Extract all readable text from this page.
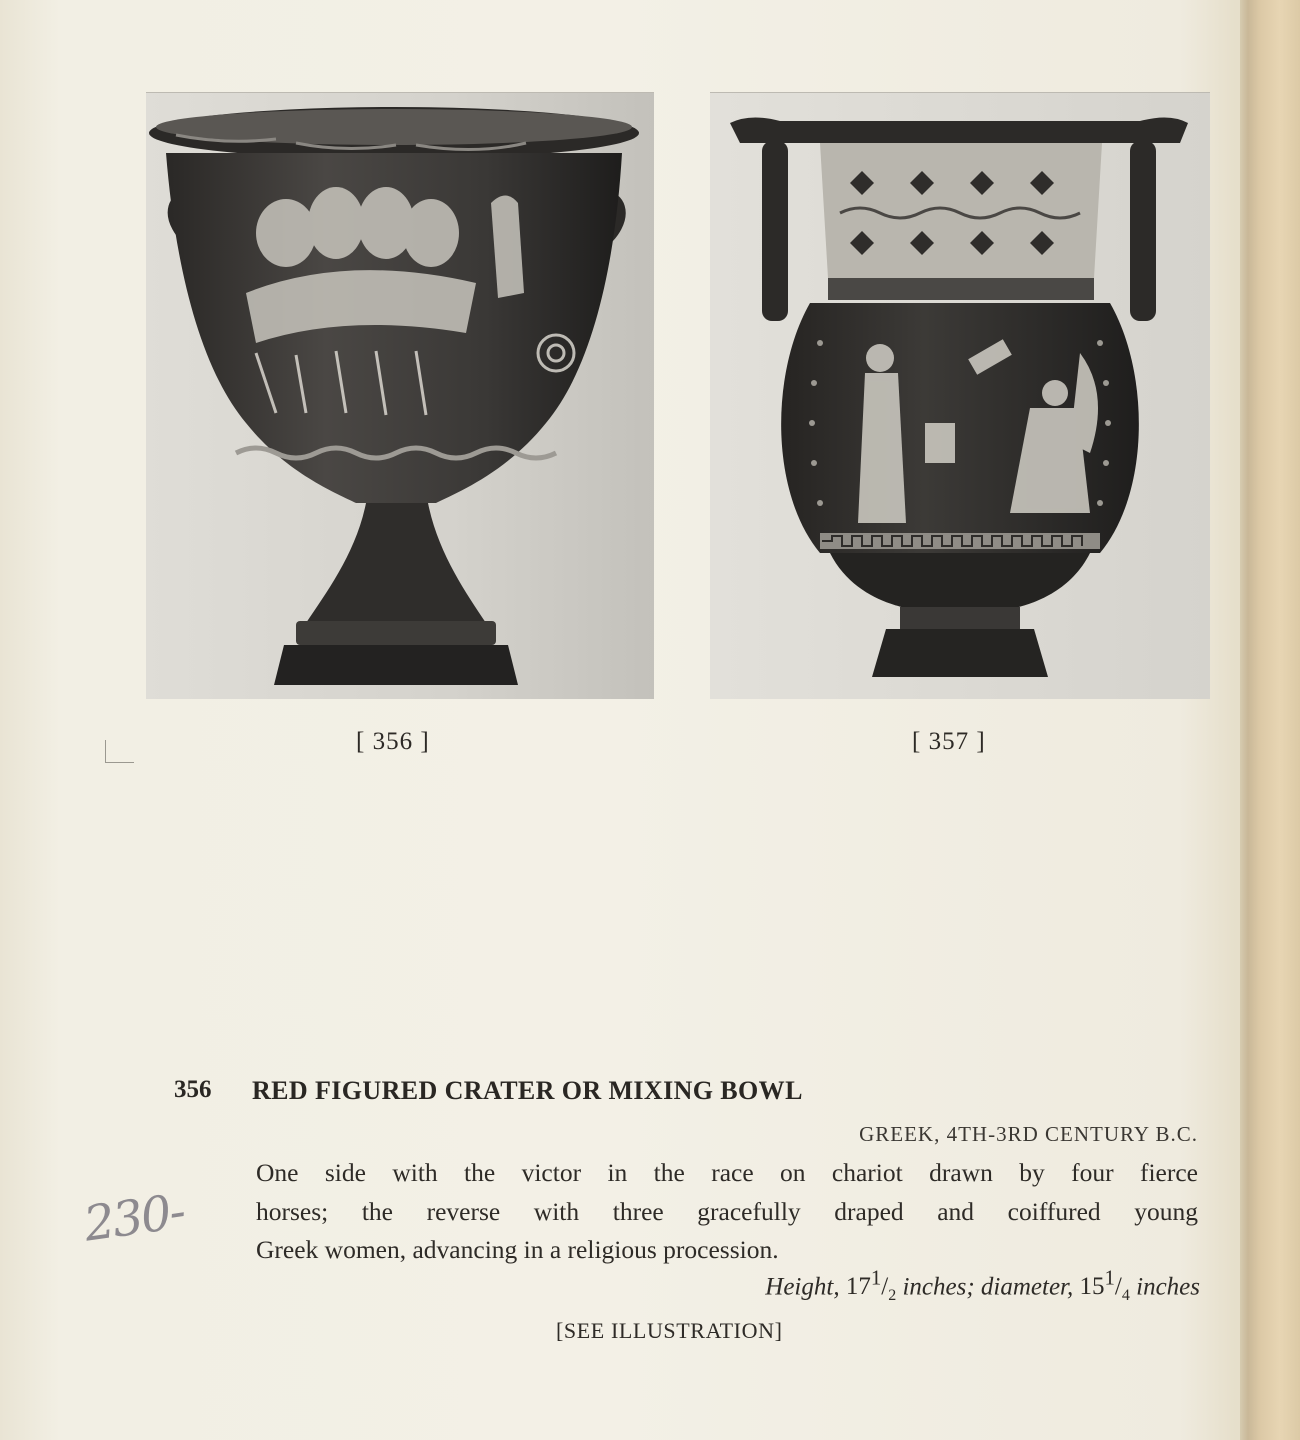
[ 356 ]	[ 357 ]
356 RED FIGURED CRATER OR MIXING BOWL
GREEK, 4TH-3RD CENTURY B.C.
One side with the victor in the race on chariot drawn by four fierce
horses; the reverse with three gracefully draped and coiffured young
Greek women, advancing in a religious procession.
Height, $17^1/_2$ inches; diameter, $15^1/_4$ inches
[SEE ILLUSTRATION]
230-
